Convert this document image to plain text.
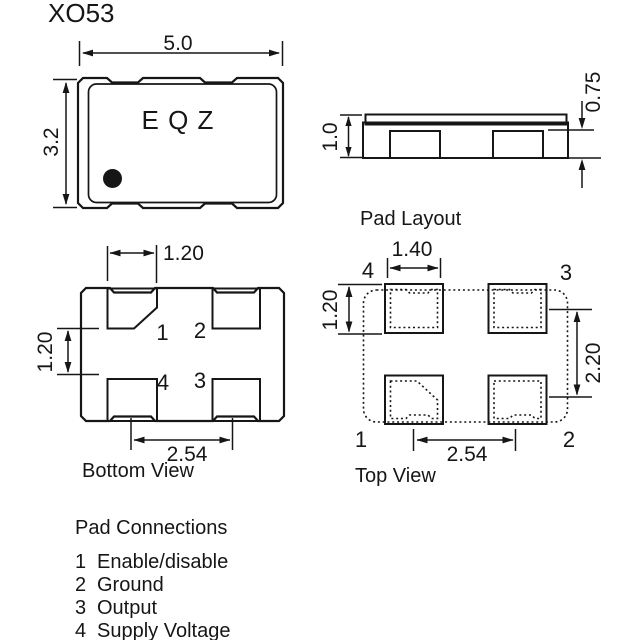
XO53
5.0
3.2
E Q Z
1.0
0.75
1.20
1.20	1 2
4 3
2.54
Bottom View
Pad Layout
1.40
1.20
4	3
1	2
2.20
2.54
Top View
Pad Connections
1 Enable/disable
2 Ground
3 Output
4 Supply Voltage
